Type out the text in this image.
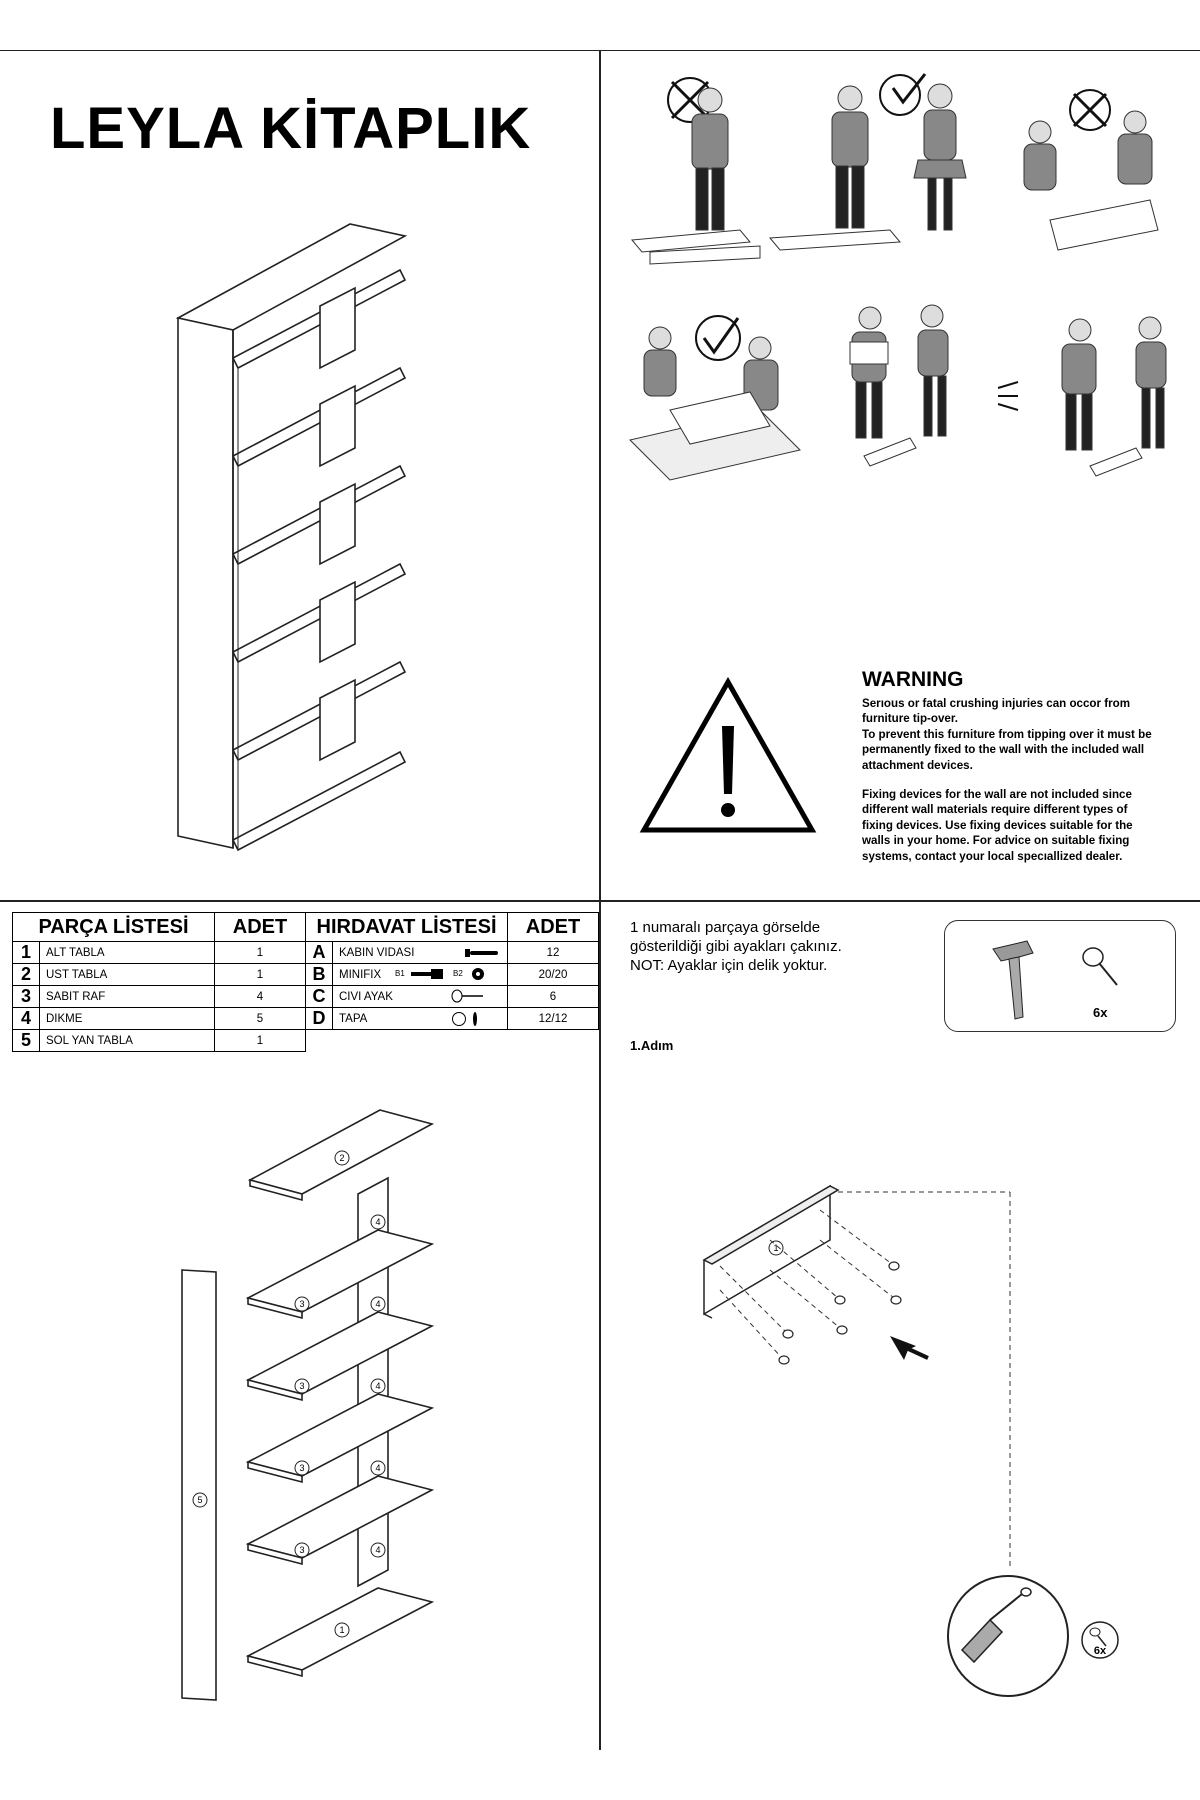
LEYLA KİTAPLIK
WARNING
Serıous or fatal crushing injuries can occor from
furniture tip-over.
To prevent this furniture from tipping over it must be
permanently fixed to the wall with the included wall
attachment devices.
Fixing devices for the wall are not included since
different wall materials require different types of
fixing devices. Use fixing devices suitable for the
walls in your home. For advice on suitable fixing
systems, contact your local specıallized dealer.
PARÇA LİSTESİ		ADET	HIRDAVAT LİSTESİ		ADET
1	ALT TABLA	1	A	KABIN VIDASI	12
2	UST TABLA	1	B	MINIFIX B1 B2	20/20
3	SABIT RAF	4	C	CIVI AYAK	6
4	DIKME	5	D	TAPA	12/12
5	SOL YAN TABLA	1			
2
4
3	4
3	4
3	4
3	4
5
1
1 numaralı parçaya görselde
gösterildiği gibi ayakları çakınız.
NOT: Ayaklar için delik yoktur.
6x
1.Adım
1
6x
